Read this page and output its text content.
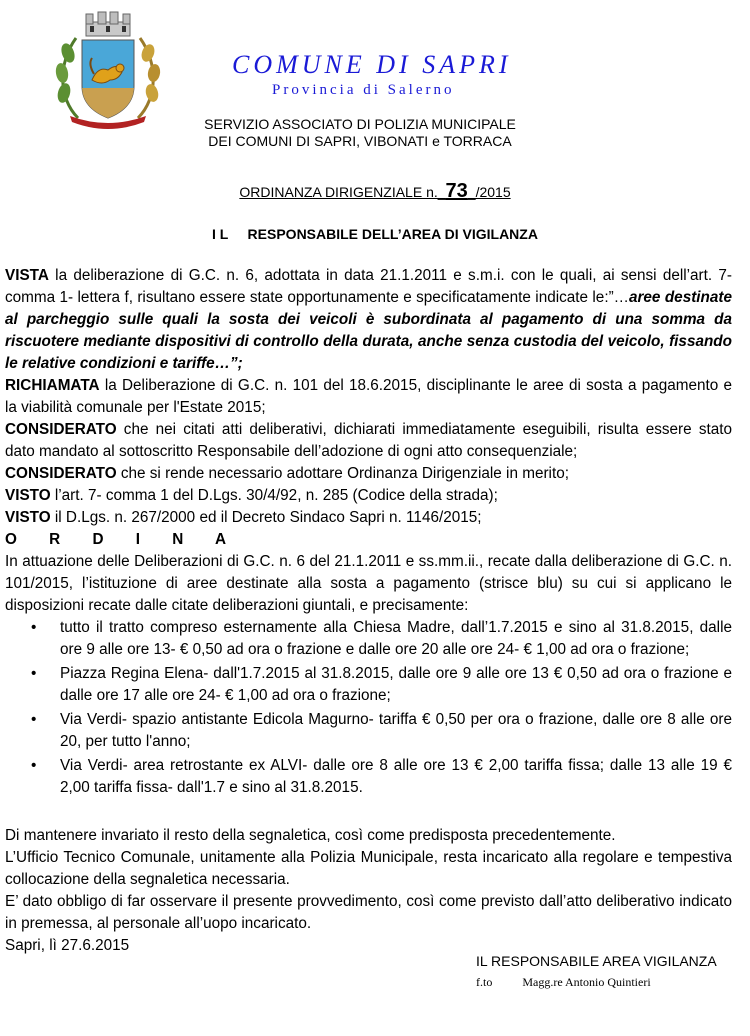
COMUNE DI SAPRI
Provincia di Salerno
SERVIZIO ASSOCIATO DI POLIZIA MUNICIPALE
DEI COMUNI DI SAPRI, VIBONATI e TORRACA
ORDINANZA DIRIGENZIALE n._73_/2015
I L     RESPONSABILE DELL’AREA DI VIGILANZA

VISTA la deliberazione di G.C. n. 6, adottata in data 21.1.2011 e s.m.i. con le quali, ai sensi dell’art. 7- comma 1- lettera f, risultano essere state opportunamente e specificatamente indicate le:”…aree destinate al parcheggio sulle quali la sosta dei veicoli è subordinata al pagamento di una somma da riscuotere mediante dispositivi di controllo della durata, anche senza custodia del veicolo, fissando le relative condizioni e tariffe…”;

RICHIAMATA la Deliberazione di G.C. n. 101 del 18.6.2015, disciplinante le aree di sosta a pagamento e la viabilità comunale per l'Estate 2015;

CONSIDERATO che nei citati atti deliberativi, dichiarati immediatamente eseguibili, risulta essere stato dato mandato al sottoscritto Responsabile dell’adozione di ogni atto consequenziale;

CONSIDERATO che si rende necessario adottare Ordinanza Dirigenziale in merito;

VISTO l’art. 7- comma 1 del D.Lgs. 30/4/92, n. 285 (Codice della strada);

VISTO il D.Lgs. n. 267/2000 ed il Decreto Sindaco Sapri n. 1146/2015;

O R D I N A

In attuazione delle Deliberazioni di G.C. n. 6 del 21.1.2011 e ss.mm.ii., recate dalla deliberazione di G.C. n. 101/2015, l’istituzione di aree destinate alla sosta a pagamento (strisce blu) su cui si applicano le disposizioni recate dalle citate deliberazioni giuntali, e precisamente:

• tutto il tratto compreso esternamente alla Chiesa Madre, dall’1.7.2015 e sino al 31.8.2015, dalle ore 9 alle ore 13- € 0,50 ad ora o frazione e dalle ore 20 alle ore 24- € 1,00 ad ora o frazione;
• Piazza Regina Elena- dall'1.7.2015 al 31.8.2015, dalle ore 9 alle ore 13 € 0,50 ad ora o frazione e dalle ore 17 alle ore 24- € 1,00 ad ora o frazione;
• Via Verdi- spazio antistante Edicola Magurno- tariffa € 0,50 per ora o frazione, dalle ore 8 alle ore 20, per tutto l'anno;
• Via Verdi- area retrostante ex ALVI- dalle ore 8 alle ore 13 € 2,00 tariffa fissa; dalle 13 alle 19 € 2,00 tariffa fissa- dall'1.7 e sino al 31.8.2015.

Di mantenere invariato il resto della segnaletica, così come predisposta precedentemente.

L’Ufficio Tecnico Comunale, unitamente alla Polizia Municipale, resta incaricato alla regolare e tempestiva collocazione della segnaletica necessaria.

E’ dato obbligo di far osservare il presente provvedimento, così come previsto dall’atto deliberativo indicato in premessa, al personale all’uopo incaricato.

Sapri, lì 27.6.2015

IL RESPONSABILE AREA VIGILANZA
f.to	Magg.re Antonio Quintieri
